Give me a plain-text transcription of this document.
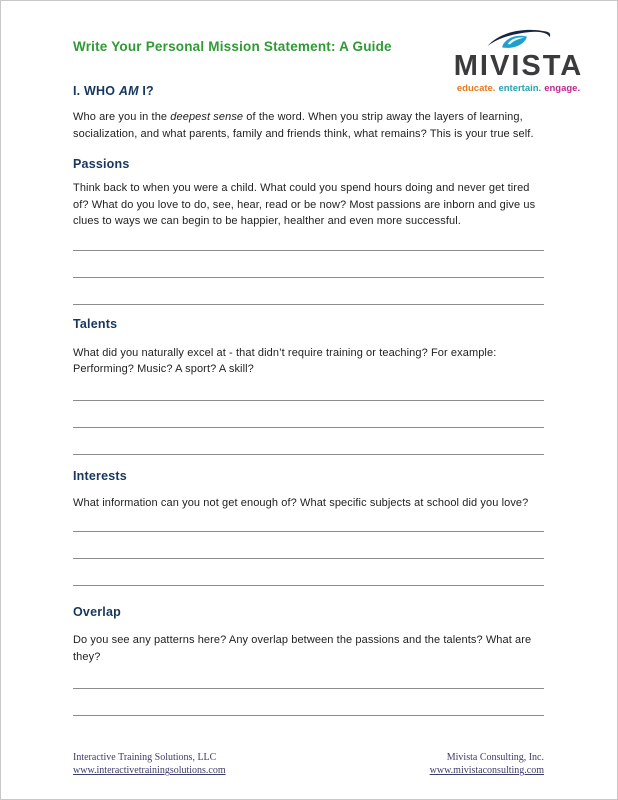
MIVISTA
educate. entertain. engage.
Write Your Personal Mission Statement: A Guide
I. WHO AM I?

Who are you in the deepest sense of the word. When you strip away the layers of learning, socialization, and what parents, family and friends think, what remains? This is your true self.

Passions

Think back to when you were a child. What could you spend hours doing and never get tired of? What do you love to do, see, hear, read or be now? Most passions are inborn and give us clues to ways we can begin to be happier, healther and even more successful.

Talents

What did you naturally excel at - that didn’t require training or teaching? For example: Performing? Music? A sport? A skill?

Interests

What information can you not get enough of? What specific subjects at school did you love?

Overlap

Do you see any patterns here? Any overlap between the passions and the talents? What are they?

Interactive Training Solutions, LLC
www.interactivetrainingsolutions.com
Mivista Consulting, Inc.
www.mivistaconsulting.com
